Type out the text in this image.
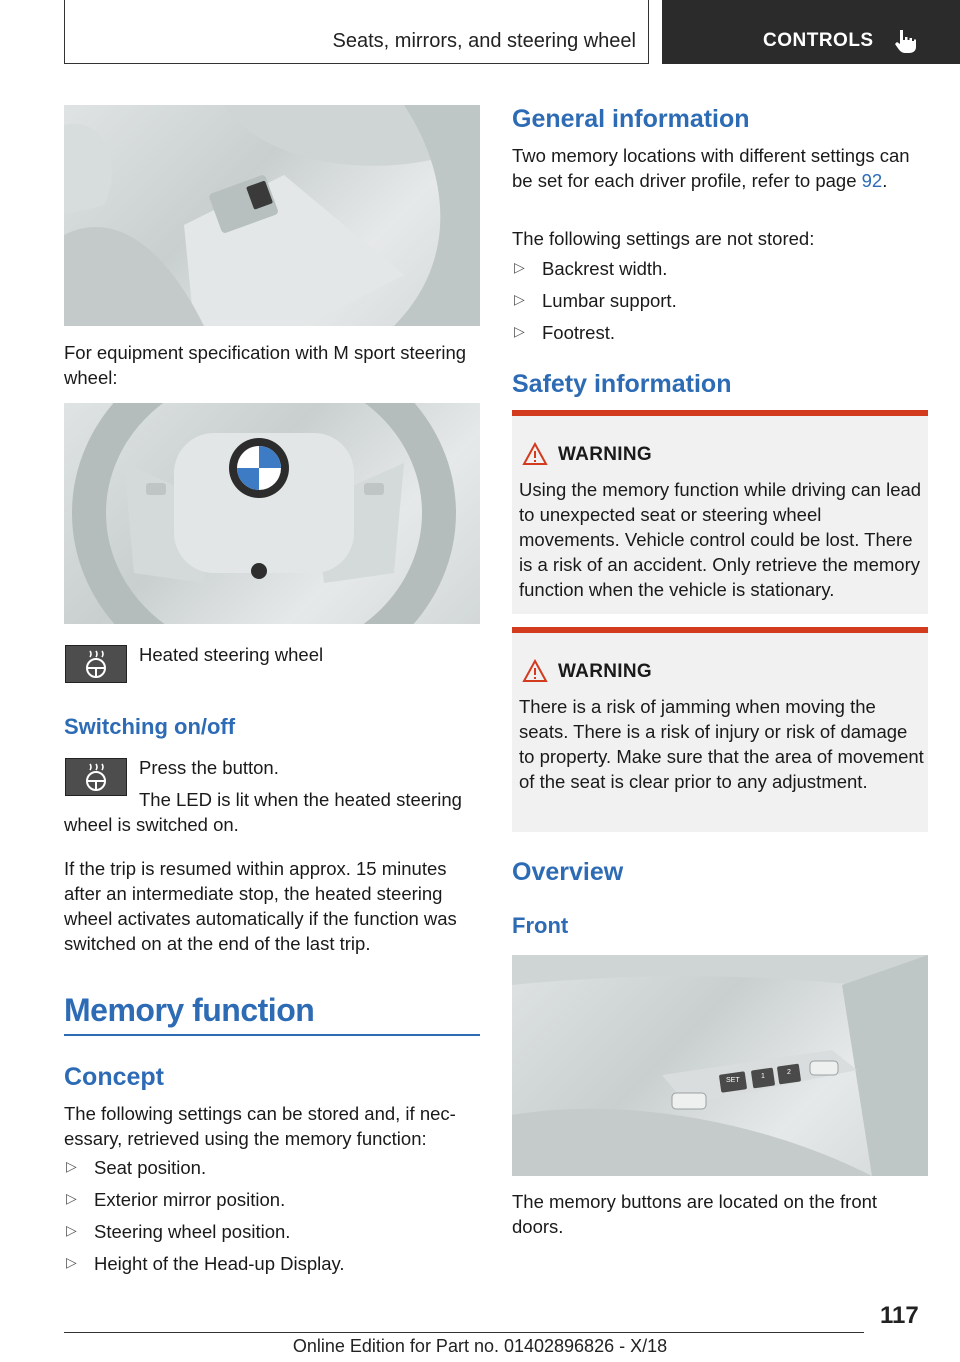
Seats, mirrors, and steering wheel	CONTROLS
For equipment specification with M sport steering wheel:
Heated steering wheel
Switching on/off
Press the button.
The LED is lit when the heated steering wheel is switched on.
If the trip is resumed within approx. 15 minutes after an intermediate stop, the heated steering wheel activates automatically if the function was switched on at the end of the last trip.
Memory function
Concept
The following settings can be stored and, if necessary, retrieved using the memory function:
▷ Seat position.
▷ Exterior mirror position.
▷ Steering wheel position.
▷ Height of the Head-up Display.
General information
Two memory locations with different settings can be set for each driver profile, refer to page 92.
The following settings are not stored:
▷ Backrest width.
▷ Lumbar support.
▷ Footrest.
Safety information
WARNING
Using the memory function while driving can lead to unexpected seat or steering wheel movements. Vehicle control could be lost. There is a risk of an accident. Only retrieve the memory function when the vehicle is stationary.
WARNING
There is a risk of jamming when moving the seats. There is a risk of injury or risk of damage to property. Make sure that the area of movement of the seat is clear prior to any adjustment.
Overview
Front
SET
1
2
The memory buttons are located on the front doors.
117
Online Edition for Part no. 01402896826 - X/18
